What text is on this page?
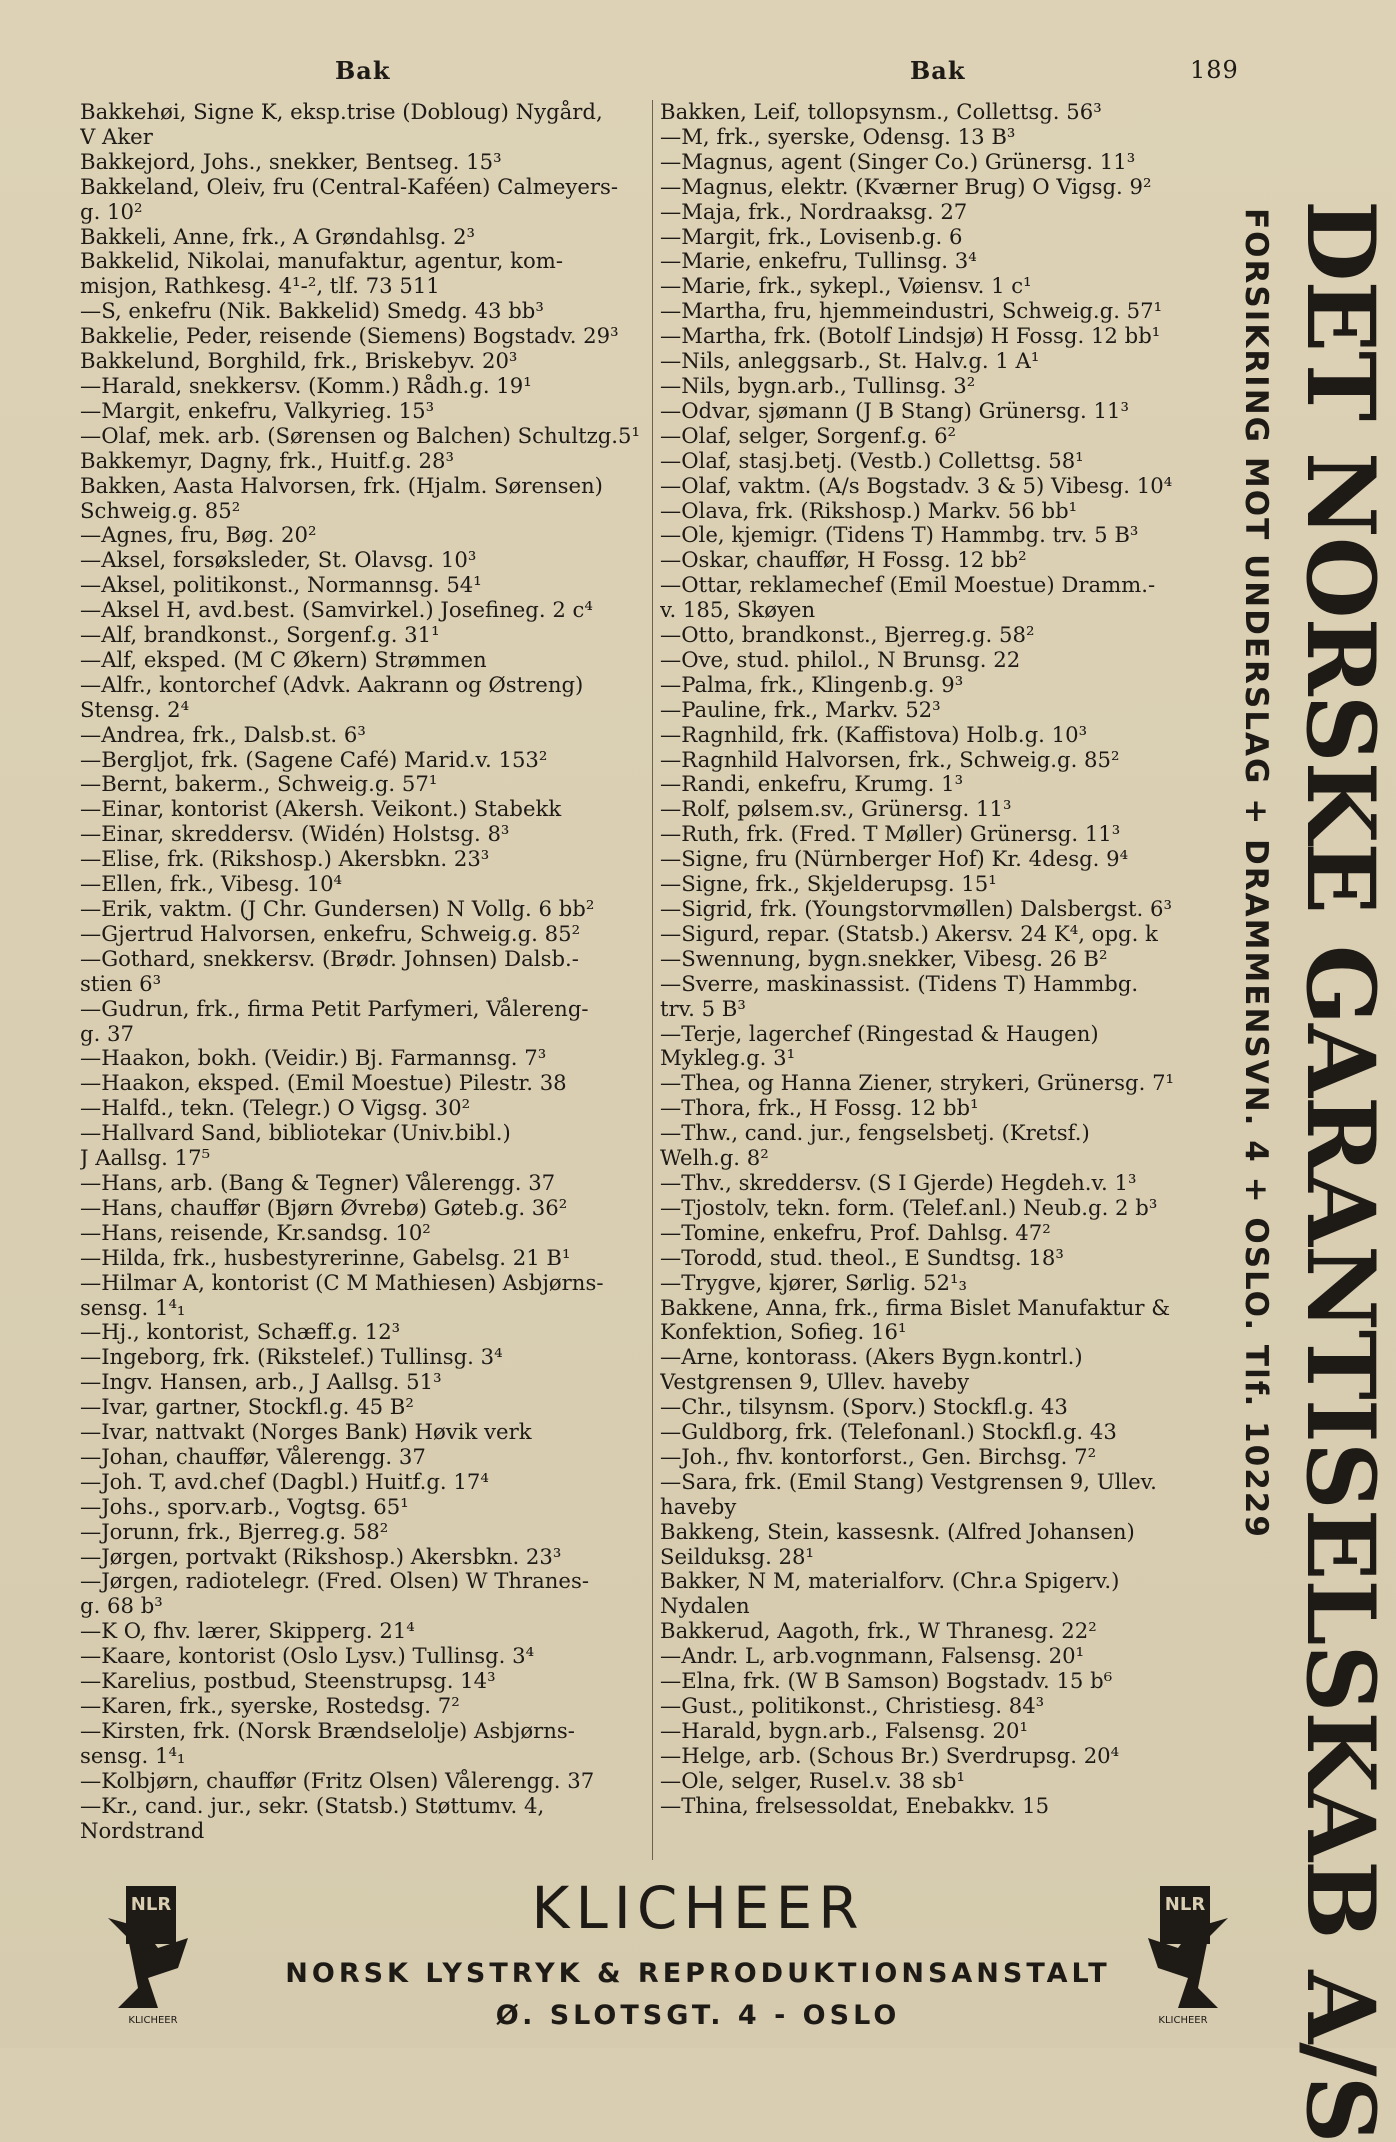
Bak	Bak	189
Bakkehøi, Signe K, eksp.trise (Dobloug) Nygård,
V Aker
Bakkejord, Johs., snekker, Bentseg. 15³
Bakkeland, Oleiv, fru (Central-Kaféen) Calmeyers-
g. 10²
Bakkeli, Anne, frk., A Grøndahlsg. 2³
Bakkelid, Nikolai, manufaktur, agentur, kom-
misjon, Rathkesg. 4¹-², tlf. 73 511
—S, enkefru (Nik. Bakkelid) Smedg. 43 bb³
Bakkelie, Peder, reisende (Siemens) Bogstadv. 29³
Bakkelund, Borghild, frk., Briskebyv. 20³
—Harald, snekkersv. (Komm.) Rådh.g. 19¹
—Margit, enkefru, Valkyrieg. 15³
—Olaf, mek. arb. (Sørensen og Balchen) Schultzg.5¹
Bakkemyr, Dagny, frk., Huitf.g. 28³
Bakken, Aasta Halvorsen, frk. (Hjalm. Sørensen)
Schweig.g. 85²
—Agnes, fru, Bøg. 20²
—Aksel, forsøksleder, St. Olavsg. 10³
—Aksel, politikonst., Normannsg. 54¹
—Aksel H, avd.best. (Samvirkel.) Josefineg. 2 c⁴
—Alf, brandkonst., Sorgenf.g. 31¹
—Alf, eksped. (M C Økern) Strømmen
—Alfr., kontorchef (Advk. Aakrann og Østreng)
Stensg. 2⁴
—Andrea, frk., Dalsb.st. 6³
—Bergljot, frk. (Sagene Café) Marid.v. 153²
—Bernt, bakerm., Schweig.g. 57¹
—Einar, kontorist (Akersh. Veikont.) Stabekk
—Einar, skreddersv. (Widén) Holstsg. 8³
—Elise, frk. (Rikshosp.) Akersbkn. 23³
—Ellen, frk., Vibesg. 10⁴
—Erik, vaktm. (J Chr. Gundersen) N Vollg. 6 bb²
—Gjertrud Halvorsen, enkefru, Schweig.g. 85²
—Gothard, snekkersv. (Brødr. Johnsen) Dalsb.-
stien 6³
—Gudrun, frk., firma Petit Parfymeri, Vålereng-
g. 37
—Haakon, bokh. (Veidir.) Bj. Farmannsg. 7³
—Haakon, eksped. (Emil Moestue) Pilestr. 38
—Halfd., tekn. (Telegr.) O Vigsg. 30²
—Hallvard Sand, bibliotekar (Univ.bibl.)
J Aallsg. 17⁵
—Hans, arb. (Bang & Tegner) Vålerengg. 37
—Hans, chauffør (Bjørn Øvrebø) Gøteb.g. 36²
—Hans, reisende, Kr.sandsg. 10²
—Hilda, frk., husbestyrerinne, Gabelsg. 21 B¹
—Hilmar A, kontorist (C M Mathiesen) Asbjørns-
sensg. 1⁴₁
—Hj., kontorist, Schæff.g. 12³
—Ingeborg, frk. (Rikstelef.) Tullinsg. 3⁴
—Ingv. Hansen, arb., J Aallsg. 51³
—Ivar, gartner, Stockfl.g. 45 B²
—Ivar, nattvakt (Norges Bank) Høvik verk
—Johan, chauffør, Vålerengg. 37
—Joh. T, avd.chef (Dagbl.) Huitf.g. 17⁴
—Johs., sporv.arb., Vogtsg. 65¹
—Jorunn, frk., Bjerreg.g. 58²
—Jørgen, portvakt (Rikshosp.) Akersbkn. 23³
—Jørgen, radiotelegr. (Fred. Olsen) W Thranes-
g. 68 b³
—K O, fhv. lærer, Skipperg. 21⁴
—Kaare, kontorist (Oslo Lysv.) Tullinsg. 3⁴
—Karelius, postbud, Steenstrupsg. 14³
—Karen, frk., syerske, Rostedsg. 7²
—Kirsten, frk. (Norsk Brændselolje) Asbjørns-
sensg. 1⁴₁
—Kolbjørn, chauffør (Fritz Olsen) Vålerengg. 37
—Kr., cand. jur., sekr. (Statsb.) Støttumv. 4,
Nordstrand
Bakken, Leif, tollopsynsm., Collettsg. 56³
—M, frk., syerske, Odensg. 13 B³
—Magnus, agent (Singer Co.) Grünersg. 11³
—Magnus, elektr. (Kværner Brug) O Vigsg. 9²
—Maja, frk., Nordraaksg. 27
—Margit, frk., Lovisenb.g. 6
—Marie, enkefru, Tullinsg. 3⁴
—Marie, frk., sykepl., Vøiensv. 1 c¹
—Martha, fru, hjemmeindustri, Schweig.g. 57¹
—Martha, frk. (Botolf Lindsjø) H Fossg. 12 bb¹
—Nils, anleggsarb., St. Halv.g. 1 A¹
—Nils, bygn.arb., Tullinsg. 3²
—Odvar, sjømann (J B Stang) Grünersg. 11³
—Olaf, selger, Sorgenf.g. 6²
—Olaf, stasj.betj. (Vestb.) Collettsg. 58¹
—Olaf, vaktm. (A/s Bogstadv. 3 & 5) Vibesg. 10⁴
—Olava, frk. (Rikshosp.) Markv. 56 bb¹
—Ole, kjemigr. (Tidens T) Hammbg. trv. 5 B³
—Oskar, chauffør, H Fossg. 12 bb²
—Ottar, reklamechef (Emil Moestue) Dramm.-
v. 185, Skøyen
—Otto, brandkonst., Bjerreg.g. 58²
—Ove, stud. philol., N Brunsg. 22
—Palma, frk., Klingenb.g. 9³
—Pauline, frk., Markv. 52³
—Ragnhild, frk. (Kaffistova) Holb.g. 10³
—Ragnhild Halvorsen, frk., Schweig.g. 85²
—Randi, enkefru, Krumg. 1³
—Rolf, pølsem.sv., Grünersg. 11³
—Ruth, frk. (Fred. T Møller) Grünersg. 11³
—Signe, fru (Nürnberger Hof) Kr. 4desg. 9⁴
—Signe, frk., Skjelderupsg. 15¹
—Sigrid, frk. (Youngstorvmøllen) Dalsbergst. 6³
—Sigurd, repar. (Statsb.) Akersv. 24 K⁴, opg. k
—Swennung, bygn.snekker, Vibesg. 26 B²
—Sverre, maskinassist. (Tidens T) Hammbg.
trv. 5 B³
—Terje, lagerchef (Ringestad & Haugen)
Mykleg.g. 3¹
—Thea, og Hanna Ziener, strykeri, Grünersg. 7¹
—Thora, frk., H Fossg. 12 bb¹
—Thw., cand. jur., fengselsbetj. (Kretsf.)
Welh.g. 8²
—Thv., skreddersv. (S I Gjerde) Hegdeh.v. 1³
—Tjostolv, tekn. form. (Telef.anl.) Neub.g. 2 b³
—Tomine, enkefru, Prof. Dahlsg. 47²
—Torodd, stud. theol., E Sundtsg. 18³
—Trygve, kjører, Sørlig. 52¹₃
Bakkene, Anna, frk., firma Bislet Manufaktur &
Konfektion, Sofieg. 16¹
—Arne, kontorass. (Akers Bygn.kontrl.)
Vestgrensen 9, Ullev. haveby
—Chr., tilsynsm. (Sporv.) Stockfl.g. 43
—Guldborg, frk. (Telefonanl.) Stockfl.g. 43
—Joh., fhv. kontorforst., Gen. Birchsg. 7²
—Sara, frk. (Emil Stang) Vestgrensen 9, Ullev.
haveby
Bakkeng, Stein, kassesnk. (Alfred Johansen)
Seilduksg. 28¹
Bakker, N M, materialforv. (Chr.a Spigerv.)
Nydalen
Bakkerud, Aagoth, frk., W Thranesg. 22²
—Andr. L, arb.vognmann, Falsensg. 20¹
—Elna, frk. (W B Samson) Bogstadv. 15 b⁶
—Gust., politikonst., Christiesg. 84³
—Harald, bygn.arb., Falsensg. 20¹
—Helge, arb. (Schous Br.) Sverdrupsg. 20⁴
—Ole, selger, Rusel.v. 38 sb¹
—Thina, frelsessoldat, Enebakkv. 15	DET NORSKE GARANTISELSKAB A/S
FORSIKRING MOT UNDERSLAG + DRAMMENSVN. 4 + OSLO. Tlf. 10229
NLR
KLICHEER
KLICHEER
NORSK LYSTRYK & REPRODUKTIONSANSTALT
Ø. SLOTSGT. 4 - OSLO
NLR
KLICHEER
